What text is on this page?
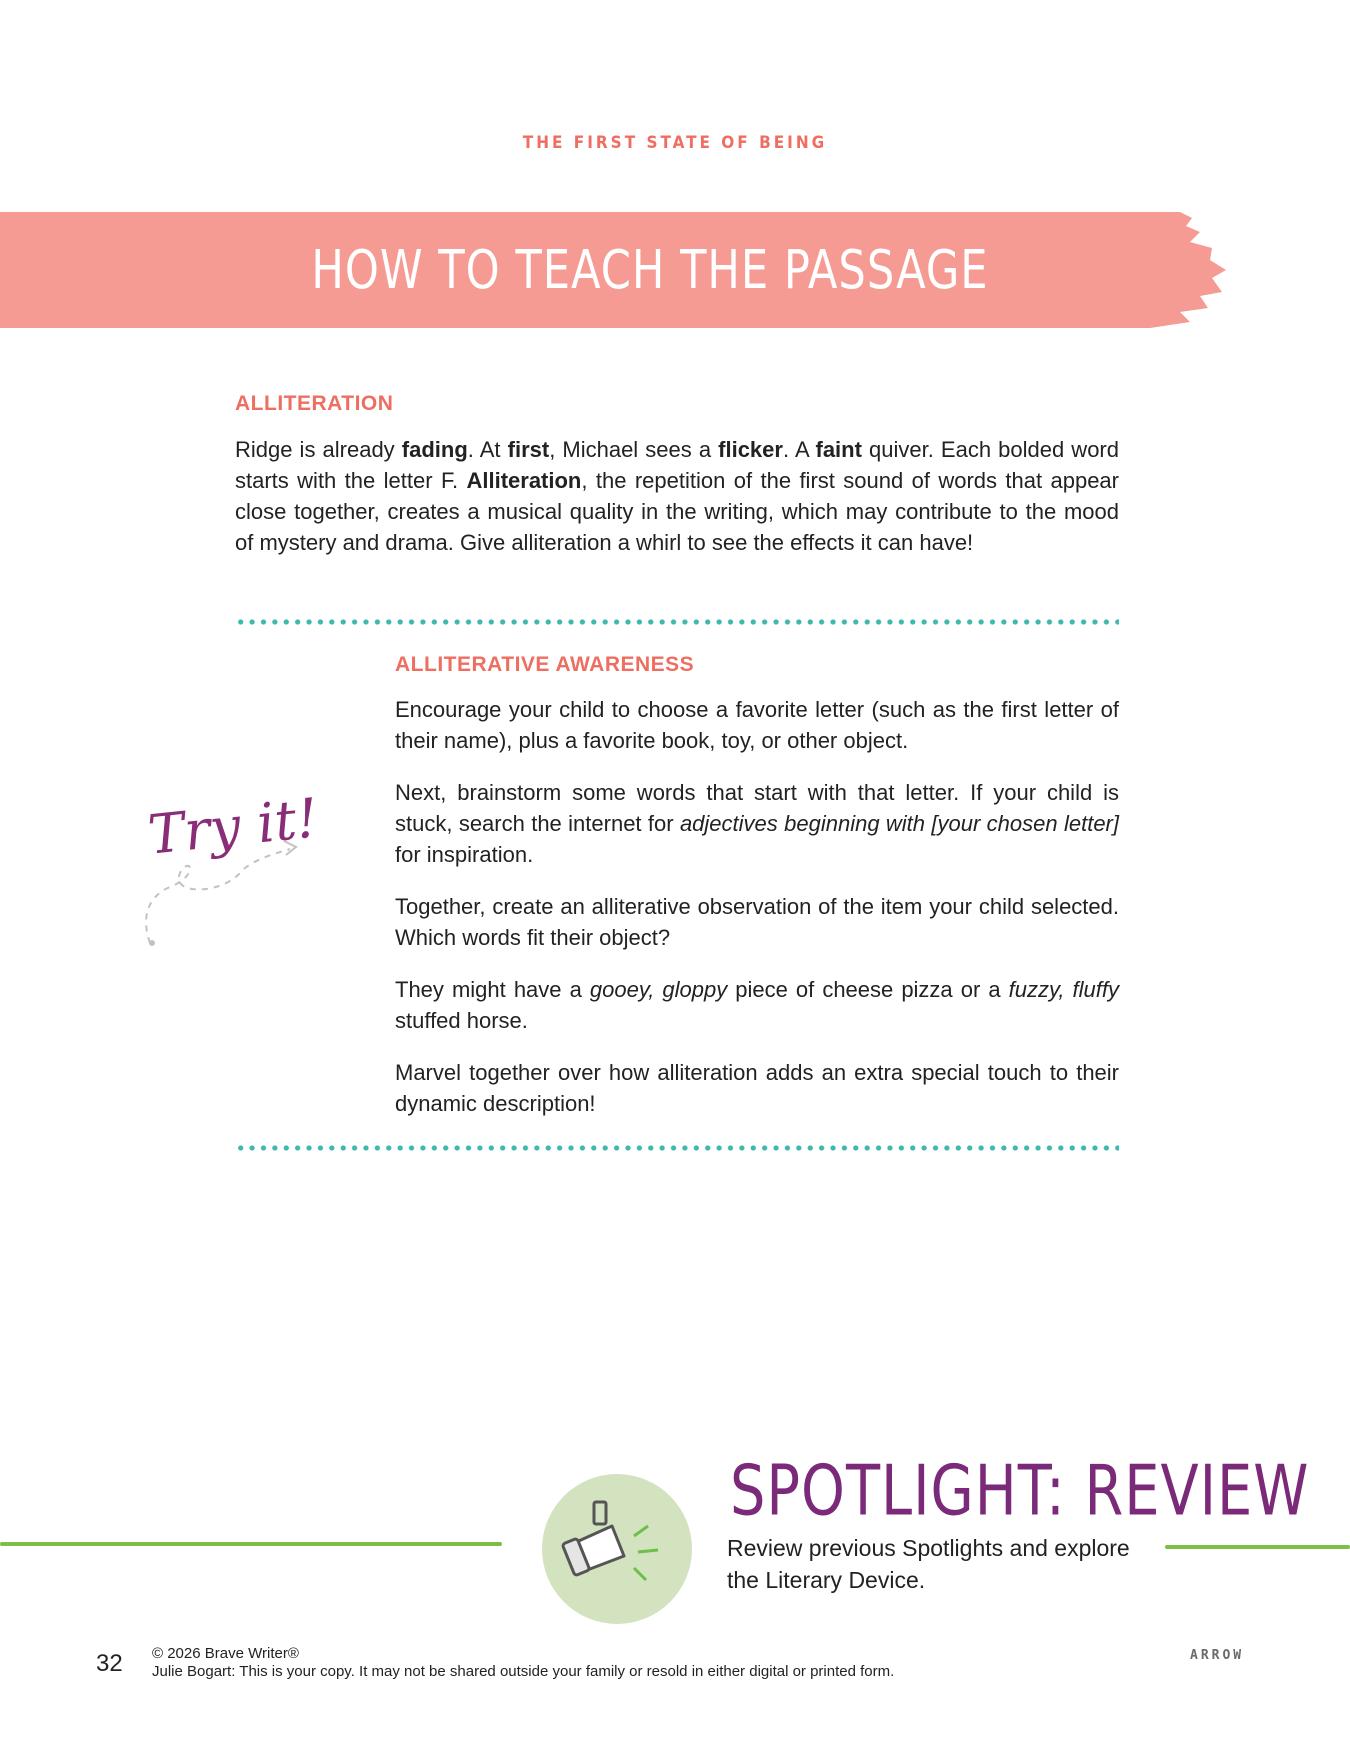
THE FIRST STATE OF BEING
HOW TO TEACH THE PASSAGE
ALLITERATION

Ridge is already fading. At first, Michael sees a flicker. A faint quiver. Each bolded word starts with the letter F. Alliteration, the repetition of the first sound of words that appear close together, creates a musical quality in the writing, which may contribute to the mood of mystery and drama. Give alliteration a whirl to see the effects it can have!

Try it!
ALLITERATIVE AWARENESS

Encourage your child to choose a favorite letter (such as the first letter of their name), plus a favorite book, toy, or other object.

Next, brainstorm some words that start with that letter. If your child is stuck, search the internet for adjectives beginning with [your chosen letter] for inspiration.

Together, create an alliterative observation of the item your child selected. Which words fit their object?

They might have a gooey, gloppy piece of cheese pizza or a fuzzy, fluffy stuffed horse.

Marvel together over how alliteration adds an extra special touch to their dynamic description!

SPOTLIGHT: REVIEW
Review previous Spotlights and explore the Literary Device.
32 © 2026 Brave Writer®
Julie Bogart: This is your copy. It may not be shared outside your family or resold in either digital or printed form.
ARROW
